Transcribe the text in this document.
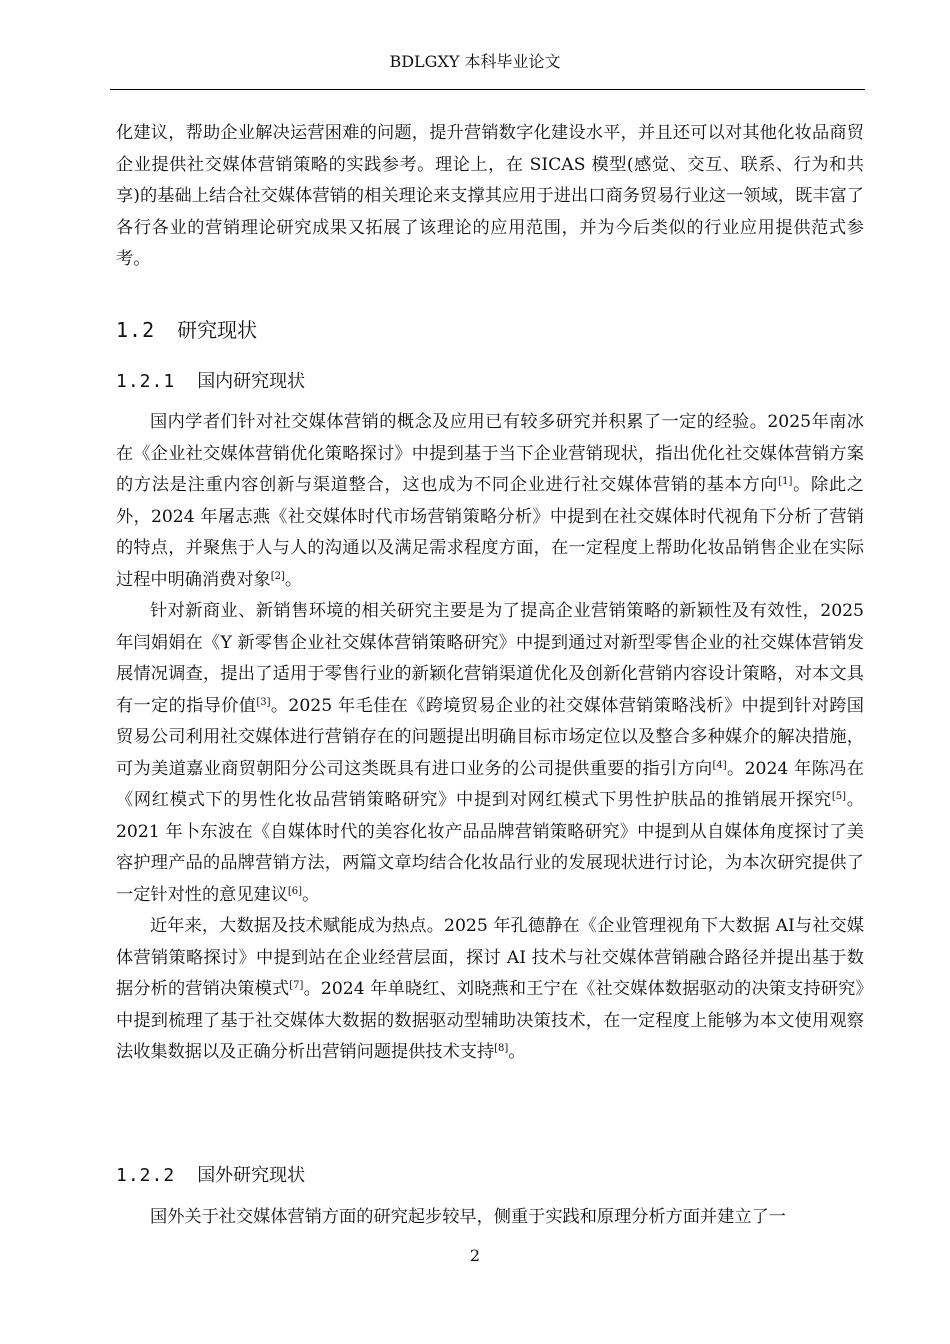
BDLGXY 本科毕业论文

化建议，帮助企业解决运营困难的问题，提升营销数字化建设水平，并且还可以对其他化妆品商贸企业提供社交媒体营销策略的实践参考。理论上，在 SICAS 模型(感觉、交互、联系、行为和共享)的基础上结合社交媒体营销的相关理论来支撑其应用于进出口商务贸易行业这一领域，既丰富了各行各业的营销理论研究成果又拓展了该理论的应用范围，并为今后类似的行业应用提供范式参考。

1.2 研究现状
1.2.1 国内研究现状

国内学者们针对社交媒体营销的概念及应用已有较多研究并积累了一定的经验。2025年南冰在《企业社交媒体营销优化策略探讨》中提到基于当下企业营销现状，指出优化社交媒体营销方案的方法是注重内容创新与渠道整合，这也成为不同企业进行社交媒体营销的基本方向[1]。除此之外，2024 年屠志燕《社交媒体时代市场营销策略分析》中提到在社交媒体时代视角下分析了营销的特点，并聚焦于人与人的沟通以及满足需求程度方面，在一定程度上帮助化妆品销售企业在实际过程中明确消费对象[2]。

针对新商业、新销售环境的相关研究主要是为了提高企业营销策略的新颖性及有效性，2025 年闫娟娟在《Y 新零售企业社交媒体营销策略研究》中提到通过对新型零售企业的社交媒体营销发展情况调查，提出了适用于零售行业的新颖化营销渠道优化及创新化营销内容设计策略，对本文具有一定的指导价值[3]。2025 年毛佳在《跨境贸易企业的社交媒体营销策略浅析》中提到针对跨国贸易公司利用社交媒体进行营销存在的问题提出明确目标市场定位以及整合多种媒介的解决措施，可为美道嘉业商贸朝阳分公司这类既具有进口业务的公司提供重要的指引方向[4]。2024 年陈冯在《网红模式下的男性化妆品营销策略研究》中提到对网红模式下男性护肤品的推销展开探究[5]。2021 年卜东波在《自媒体时代的美容化妆产品品牌营销策略研究》中提到从自媒体角度探讨了美容护理产品的品牌营销方法，两篇文章均结合化妆品行业的发展现状进行讨论，为本次研究提供了一定针对性的意见建议[6]。

近年来，大数据及技术赋能成为热点。2025 年孔德静在《企业管理视角下大数据 AI与社交媒体营销策略探讨》中提到站在企业经营层面，探讨 AI 技术与社交媒体营销融合路径并提出基于数据分析的营销决策模式[7]。2024 年单晓红、刘晓燕和王宁在《社交媒体数据驱动的决策支持研究》中提到梳理了基于社交媒体大数据的数据驱动型辅助决策技术，在一定程度上能够为本文使用观察法收集数据以及正确分析出营销问题提供技术支持[8]。

1.2.2 国外研究现状

国外关于社交媒体营销方面的研究起步较早，侧重于实践和原理分析方面并建立了一

2
